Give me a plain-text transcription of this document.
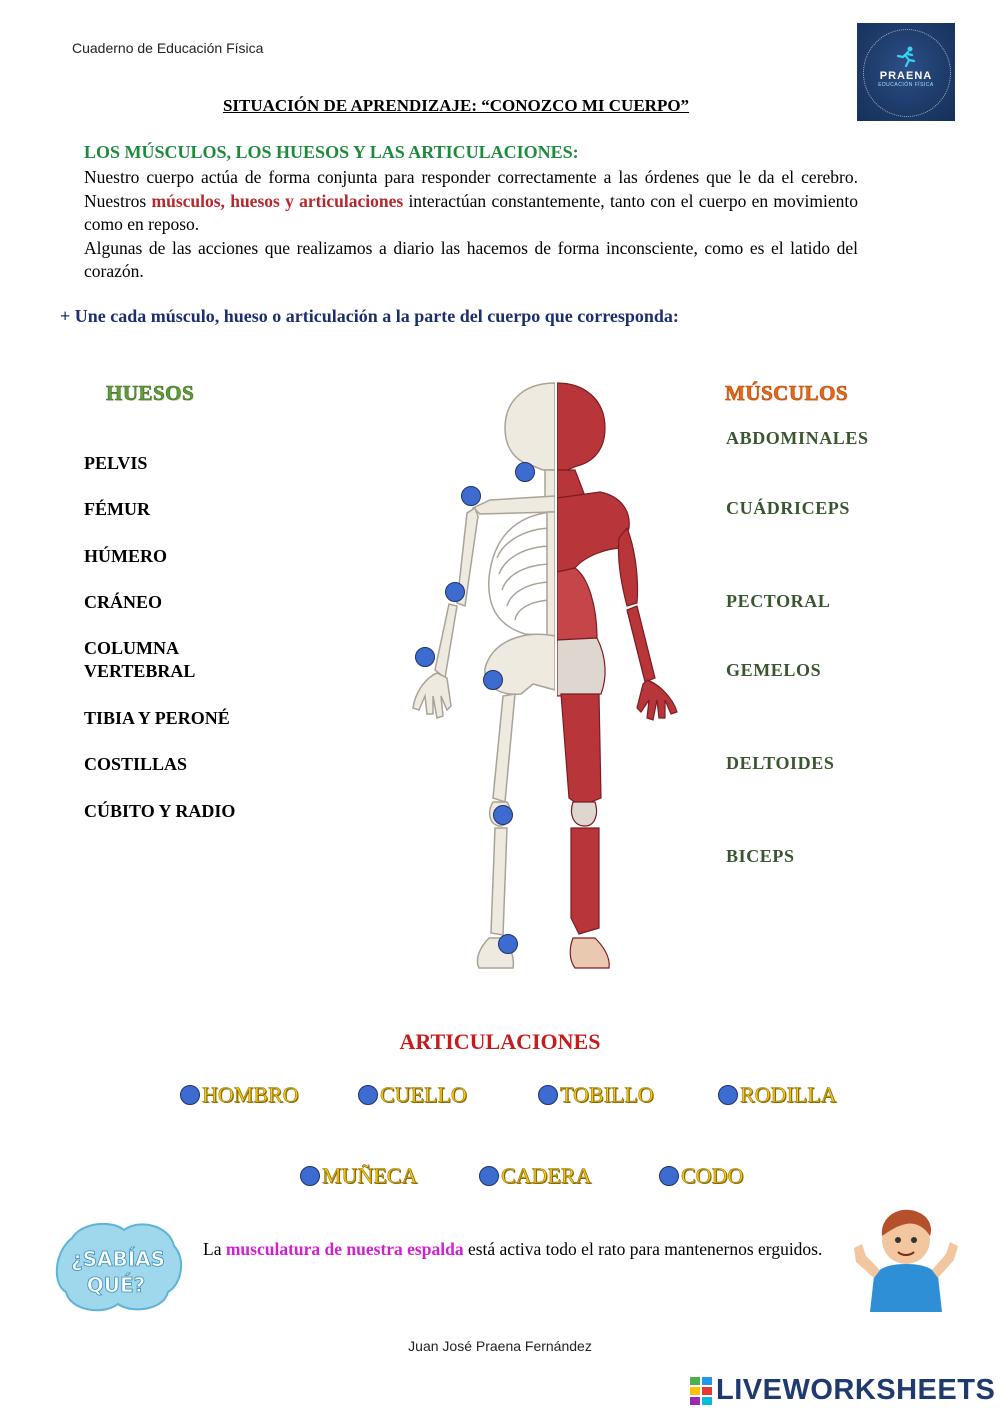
Cuaderno de Educación Física
PRAENA
EDUCACIÓN FÍSICA
SITUACIÓN DE APRENDIZAJE: “CONOZCO MI CUERPO”
LOS MÚSCULOS, LOS HUESOS Y LAS ARTICULACIONES:

Nuestro cuerpo actúa de forma conjunta para responder correctamente a las órdenes que le da el cerebro. Nuestros músculos, huesos y articulaciones interactúan constantemente, tanto con el cuerpo en movimiento como en reposo.

Algunas de las acciones que realizamos a diario las hacemos de forma inconsciente, como es el latido del corazón.

+ Une cada músculo, hueso o articulación a la parte del cuerpo que corresponda:
HUESOS
PELVIS
FÉMUR
HÚMERO
CRÁNEO
COLUMNA VERTEBRAL
TIBIA Y PERONÉ
COSTILLAS
CÚBITO Y RADIO
MÚSCULOS
ABDOMINALES
CUÁDRICEPS
PECTORAL
GEMELOS
DELTOIDES
BICEPS
ARTICULACIONES
HOMBRO	CUELLO	TOBILLO	RODILLA
MUÑECA	CADERA	CODO
¿SABÍAS
QUÉ?
La musculatura de nuestra espalda está activa todo el rato para mantenernos erguidos.
Juan José Praena Fernández
LIVEWORKSHEETS
